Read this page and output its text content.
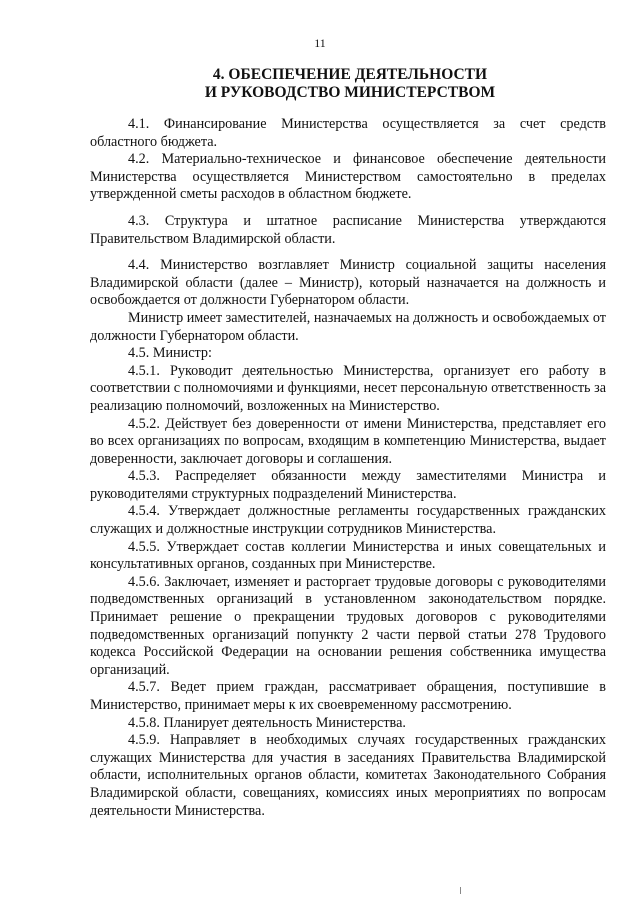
11
4. ОБЕСПЕЧЕНИЕ ДЕЯТЕЛЬНОСТИ
И РУКОВОДСТВО МИНИСТЕРСТВОМ

4.1. Финансирование Министерства осуществляется за счет средств областного бюджета.

4.2. Материально-техническое и финансовое обеспечение деятельности Министерства осуществляется Министерством самостоятельно в пределах утвержденной сметы расходов в областном бюджете.

4.3. Структура и штатное расписание Министерства утверждаются Правительством Владимирской области.

4.4. Министерство возглавляет Министр социальной защиты населения Владимирской области (далее – Министр), который назначается на должность и освобождается от должности Губернатором области.

Министр имеет заместителей, назначаемых на должность и освобождаемых от должности Губернатором области.

4.5. Министр:

4.5.1. Руководит деятельностью Министерства, организует его работу в соответствии с полномочиями и функциями, несет персональную ответственность за реализацию полномочий, возложенных на Министерство.

4.5.2. Действует без доверенности от имени Министерства, представляет его во всех организациях по вопросам, входящим в компетенцию Министерства, выдает доверенности, заключает договоры и соглашения.

4.5.3. Распределяет обязанности между заместителями Министра и руководителями структурных подразделений Министерства.

4.5.4. Утверждает должностные регламенты государственных гражданских служащих и должностные инструкции сотрудников Министерства.

4.5.5. Утверждает состав коллегии Министерства и иных совещательных и консультативных органов, созданных при Министерстве.

4.5.6. Заключает, изменяет и расторгает трудовые договоры с руководителями подведомственных организаций в установленном законодательством порядке. Принимает решение о прекращении трудовых договоров с руководителями подведомственных организаций попункту 2 части первой статьи 278 Трудового кодекса Российской Федерации на основании решения собственника имущества организаций.

4.5.7. Ведет прием граждан, рассматривает обращения, поступившие в Министерство, принимает меры к их своевременному рассмотрению.

4.5.8. Планирует деятельность Министерства.

4.5.9. Направляет в необходимых случаях государственных гражданских служащих Министерства для участия в заседаниях Правительства Владимирской области, исполнительных органов области, комитетах Законодательного Собрания Владимирской области, совещаниях, комиссиях иных мероприятиях по вопросам деятельности Министерства.
